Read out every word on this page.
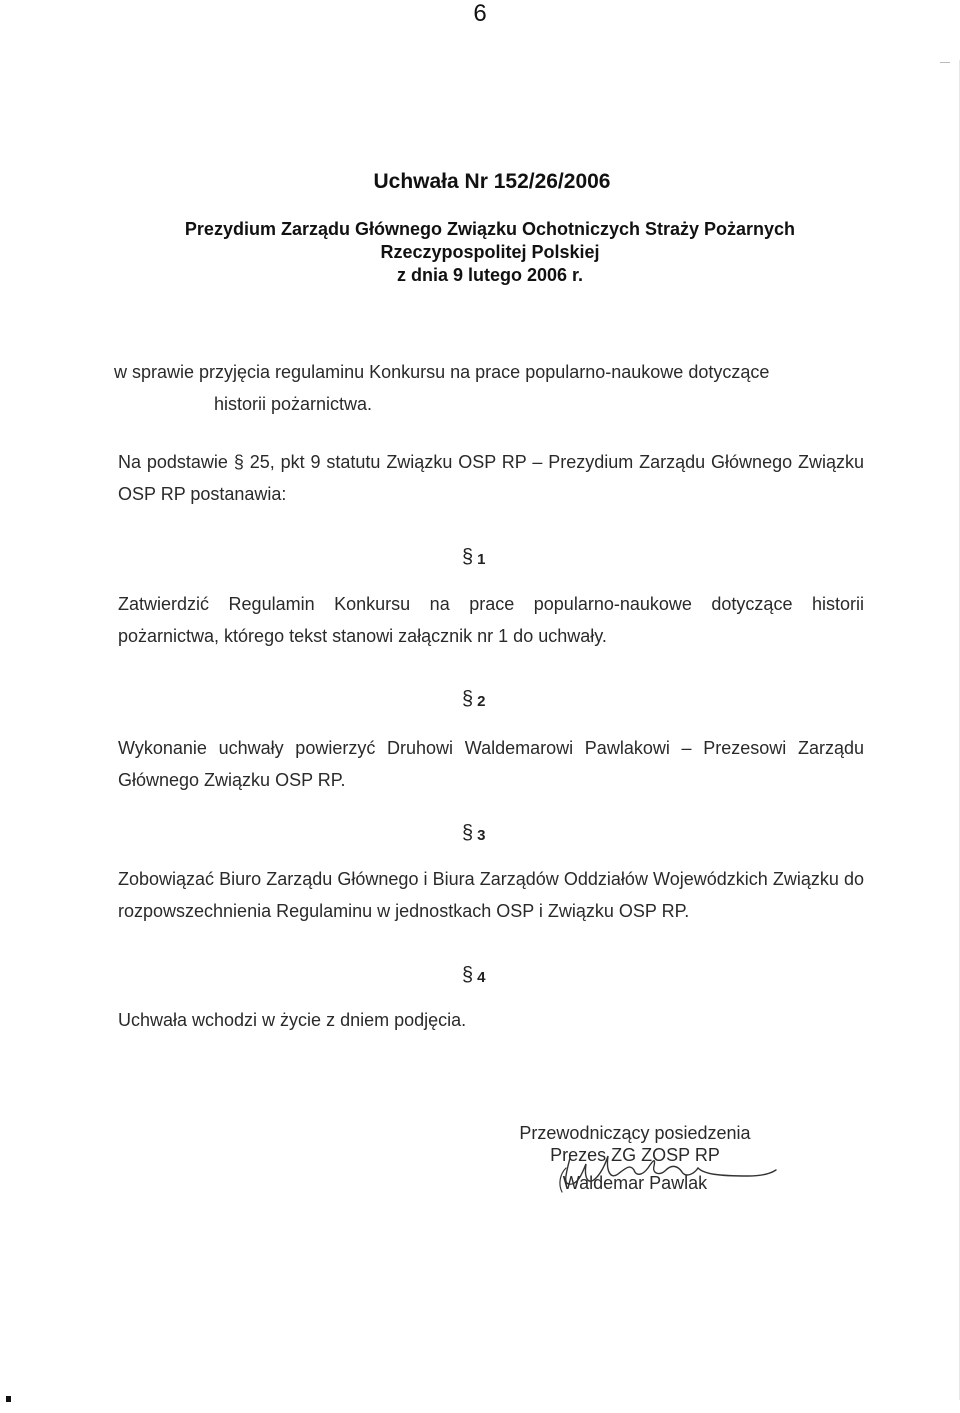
6
Uchwała Nr 152/26/2006
Prezydium Zarządu Głównego Związku Ochotniczych Straży Pożarnych
Rzeczypospolitej Polskiej
z dnia 9 lutego 2006 r.
w sprawie przyjęcia regulaminu Konkursu na prace popularno-naukowe dotyczące
historii pożarnictwa.
Na podstawie § 25, pkt 9 statutu Związku OSP RP – Prezydium Zarządu Głównego Związku OSP RP postanawia:
§ 1
Zatwierdzić Regulamin Konkursu na prace popularno-naukowe dotyczące historii pożarnictwa, którego tekst stanowi załącznik nr 1 do uchwały.
§ 2
Wykonanie uchwały powierzyć Druhowi Waldemarowi Pawlakowi – Prezesowi Zarządu Głównego Związku OSP RP.
§ 3
Zobowiązać Biuro Zarządu Głównego i Biura Zarządów Oddziałów Wojewódzkich Związku do rozpowszechnienia Regulaminu w jednostkach OSP i Związku OSP RP.
§ 4
Uchwała wchodzi w życie z dniem podjęcia.
Przewodniczący posiedzenia
Prezes ZG ZOSP RP
Waldemar Pawlak
